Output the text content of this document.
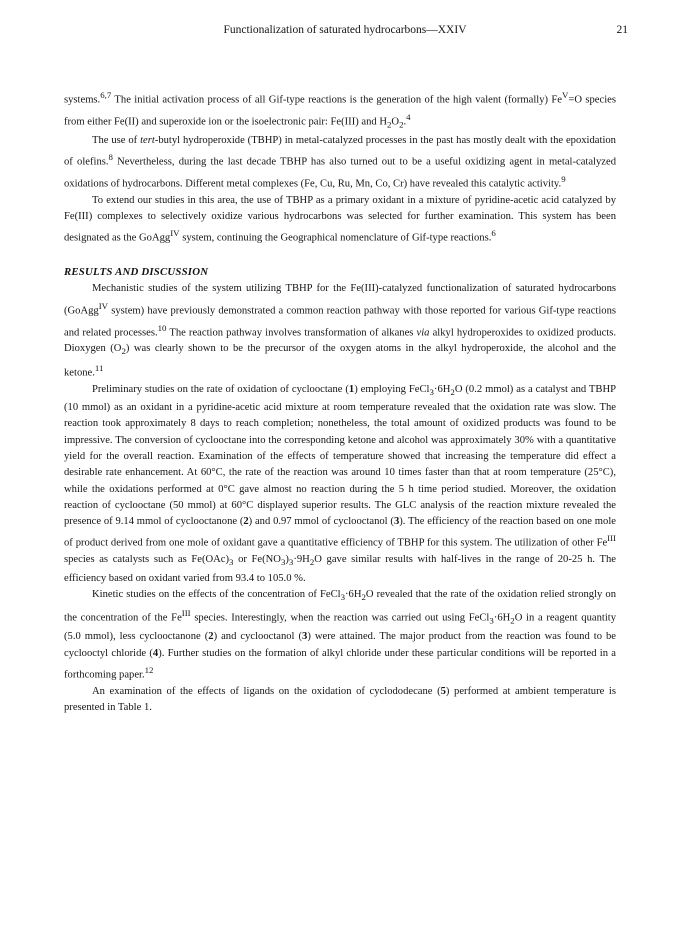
Functionalization of saturated hydrocarbons—XXIV	21

systems.$^{6,7}$ The initial activation process of all Gif-type reactions is the generation of the high valent (formally) $Fe^V=O$ species from either Fe(II) and superoxide ion or the isoelectronic pair: Fe(III) and $H_2O_2.^4$

The use of tert-butyl hydroperoxide (TBHP) in metal-catalyzed processes in the past has mostly dealt with the epoxidation of olefins.$^8$ Nevertheless, during the last decade TBHP has also turned out to be a useful oxidizing agent in metal-catalyzed oxidations of hydrocarbons. Different metal complexes (Fe, Cu, Ru, Mn, Co, Cr) have revealed this catalytic activity.$^9$

To extend our studies in this area, the use of TBHP as a primary oxidant in a mixture of pyridine-acetic acid catalyzed by Fe(III) complexes to selectively oxidize various hydrocarbons was selected for further examination. This system has been designated as the GoAgg$^{IV}$ system, continuing the Geographical nomenclature of Gif-type reactions.$^6$

RESULTS AND DISCUSSION

Mechanistic studies of the system utilizing TBHP for the Fe(III)-catalyzed functionalization of saturated hydrocarbons (GoAgg$^{IV}$ system) have previously demonstrated a common reaction pathway with those reported for various Gif-type reactions and related processes.$^{10}$ The reaction pathway involves transformation of alkanes via alkyl hydroperoxides to oxidized products. Dioxygen $(O_2)$ was clearly shown to be the precursor of the oxygen atoms in the alkyl hydroperoxide, the alcohol and the ketone.$^{11}$

Preliminary studies on the rate of oxidation of cyclooctane (1) employing $FeCl_3\cdot 6H_2O$ (0.2 mmol) as a catalyst and TBHP (10 mmol) as an oxidant in a pyridine-acetic acid mixture at room temperature revealed that the oxidation rate was slow. The reaction took approximately 8 days to reach completion; nonetheless, the total amount of oxidized products was found to be impressive. The conversion of cyclooctane into the corresponding ketone and alcohol was approximately 30% with a quantitative yield for the overall reaction. Examination of the effects of temperature showed that increasing the temperature did effect a desirable rate enhancement. At 60°C, the rate of the reaction was around 10 times faster than that at room temperature (25°C), while the oxidations performed at 0°C gave almost no reaction during the 5 h time period studied. Moreover, the oxidation reaction of cyclooctane (50 mmol) at 60°C displayed superior results. The GLC analysis of the reaction mixture revealed the presence of 9.14 mmol of cyclooctanone (2) and 0.97 mmol of cyclooctanol (3). The efficiency of the reaction based on one mole of product derived from one mole of oxidant gave a quantitative efficiency of TBHP for this system. The utilization of other $Fe^{III}$ species as catalysts such as $Fe(OAc)_3$ or $Fe(NO_3)_3\cdot 9H_2O$ gave similar results with half-lives in the range of 20-25 h. The efficiency based on oxidant varied from 93.4 to 105.0 %.

Kinetic studies on the effects of the concentration of $FeCl_3\cdot 6H_2O$ revealed that the rate of the oxidation relied strongly on the concentration of the $Fe^{III}$ species. Interestingly, when the reaction was carried out using $FeCl_3\cdot 6H_2O$ in a reagent quantity (5.0 mmol), less cyclooctanone (2) and cyclooctanol (3) were attained. The major product from the reaction was found to be cyclooctyl chloride (4). Further studies on the formation of alkyl chloride under these particular conditions will be reported in a forthcoming paper.$^{12}$

An examination of the effects of ligands on the oxidation of cyclododecane (5) performed at ambient temperature is presented in Table 1.
